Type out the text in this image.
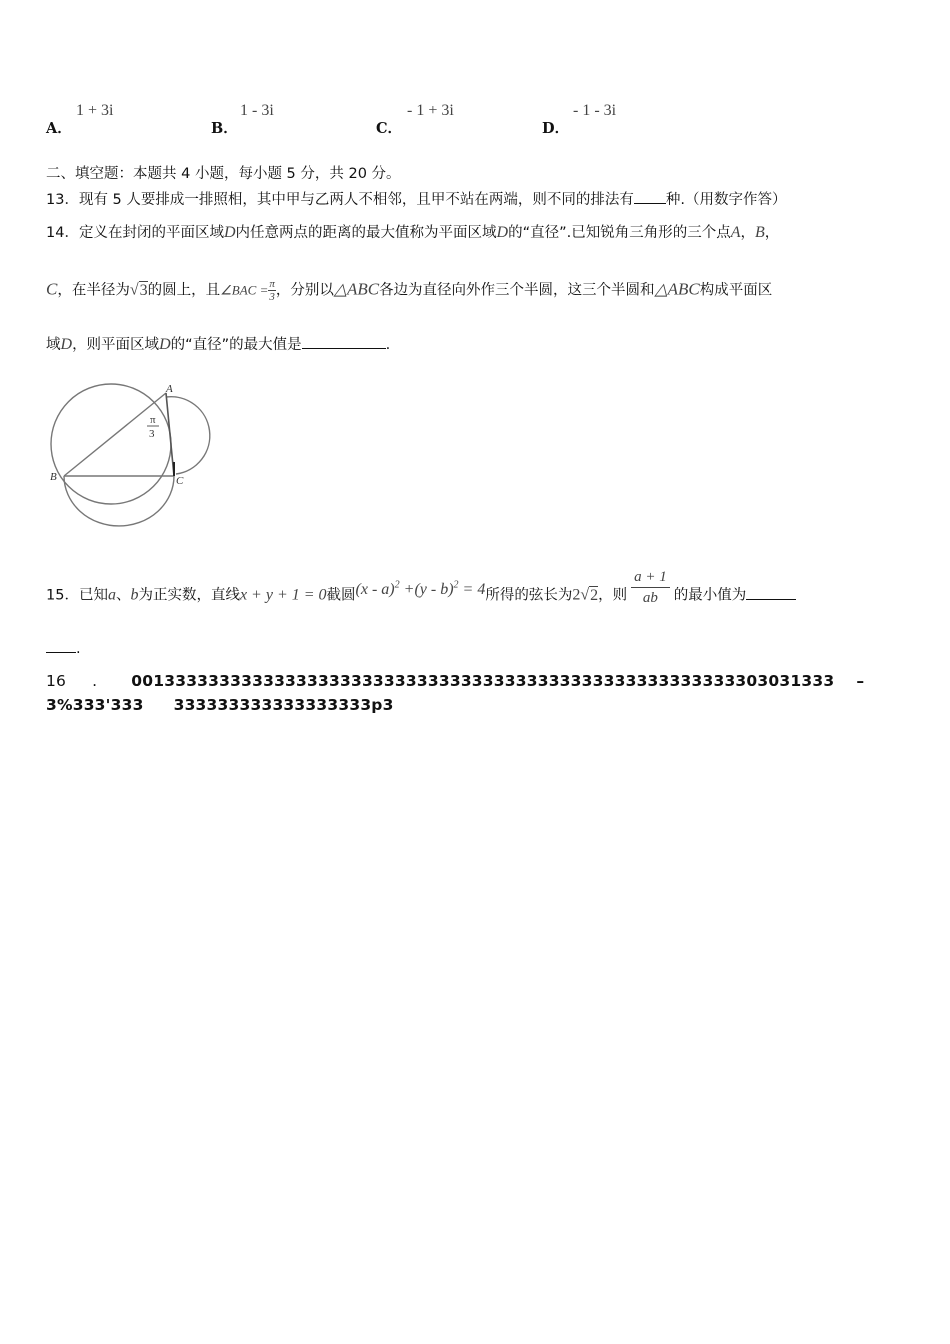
A．
1 + 3i
B．
1 - 3i
C．
- 1 + 3i
D．
- 1 - 3i
二、填空题：本题共 4 小题，每小题 5 分，共 20 分。
13．现有 5 人要排成一排照相，其中甲与乙两人不相邻，且甲不站在两端，则不同的排法有 种.（用数字作答）
14．定义在封闭的平面区域D内任意两点的距离的最大值称为平面区域D的“直径”.已知锐角三角形的三个点A，B，
C，在半径为√3的圆上，且∠BAC = $\frac{\pi}{3}$ ，分别以△ABC各边为直径向外作三个半圆，这三个半圆和△ABC构成平面区
域D，则平面区域D的“直径”的最大值是	.
A
B	C
π
3
15．已知a、b为正实数，直线x + y + 1 = 0截圆(x - a)$^2$ +(y - b)$^2$ = 4所得的弦长为2√2，则 $\frac{a + 1}{ab}$ 的最小值为
.
16 . 0013333333333333333333333333333333333333333333333333333303031333 –
3%333'333 333333333333333333p3
